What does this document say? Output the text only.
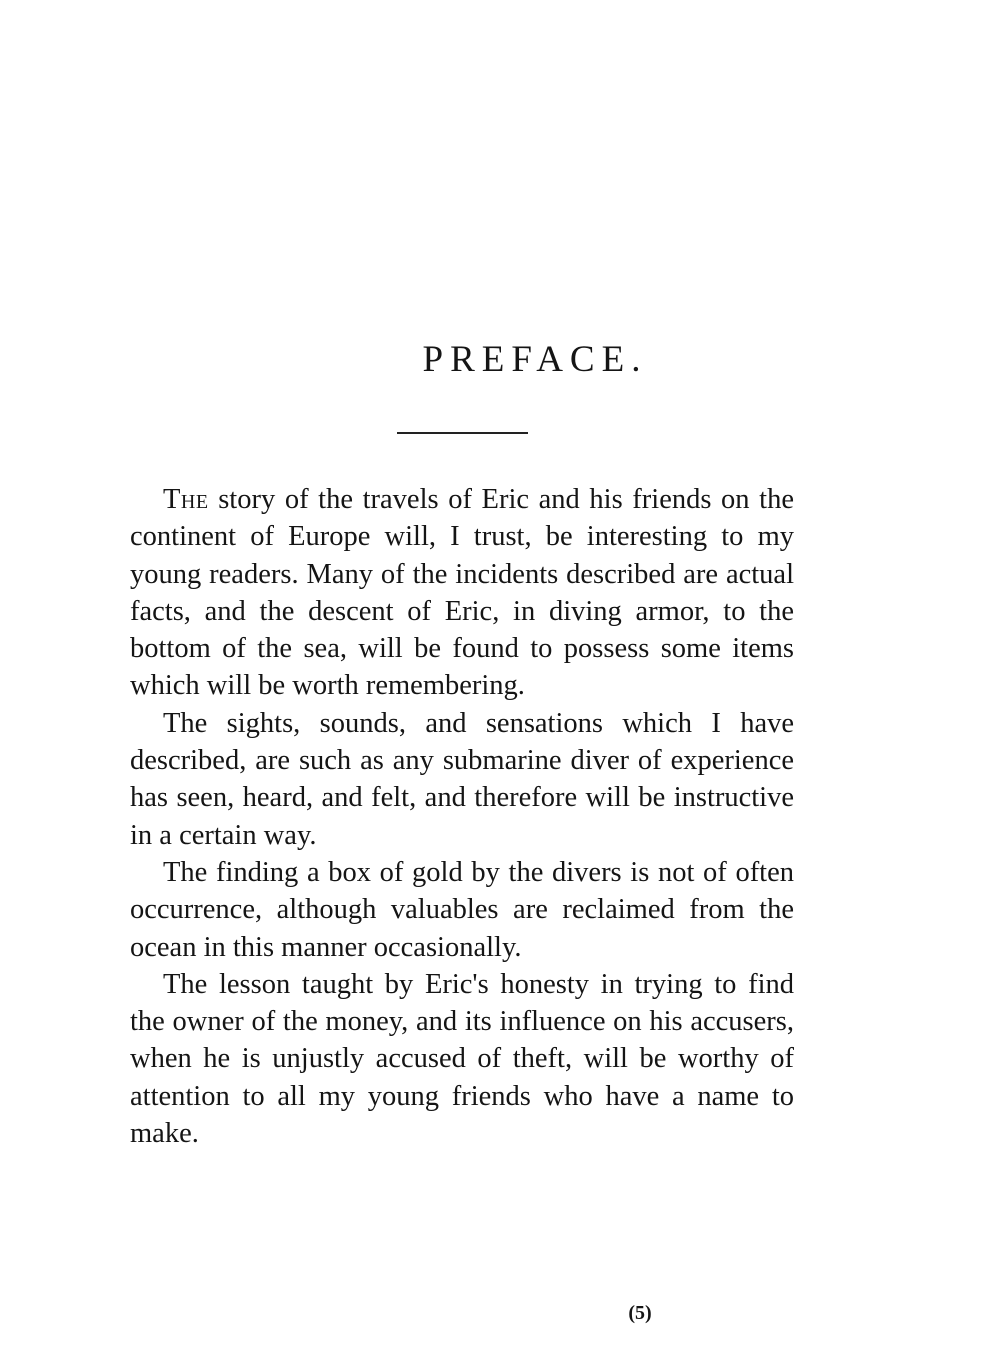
PREFACE.

The story of the travels of Eric and his friends on the continent of Europe will, I trust, be interesting to my young readers. Many of the incidents described are actual facts, and the descent of Eric, in diving armor, to the bottom of the sea, will be found to possess some items which will be worth remembering.

The sights, sounds, and sensations which I have described, are such as any submarine diver of experience has seen, heard, and felt, and therefore will be instructive in a certain way.

The finding a box of gold by the divers is not of often occurrence, although valuables are reclaimed from the ocean in this manner occasionally.

The lesson taught by Eric's honesty in trying to find the owner of the money, and its influence on his accusers, when he is unjustly accused of theft, will be worthy of attention to all my young friends who have a name to make.

(5)
